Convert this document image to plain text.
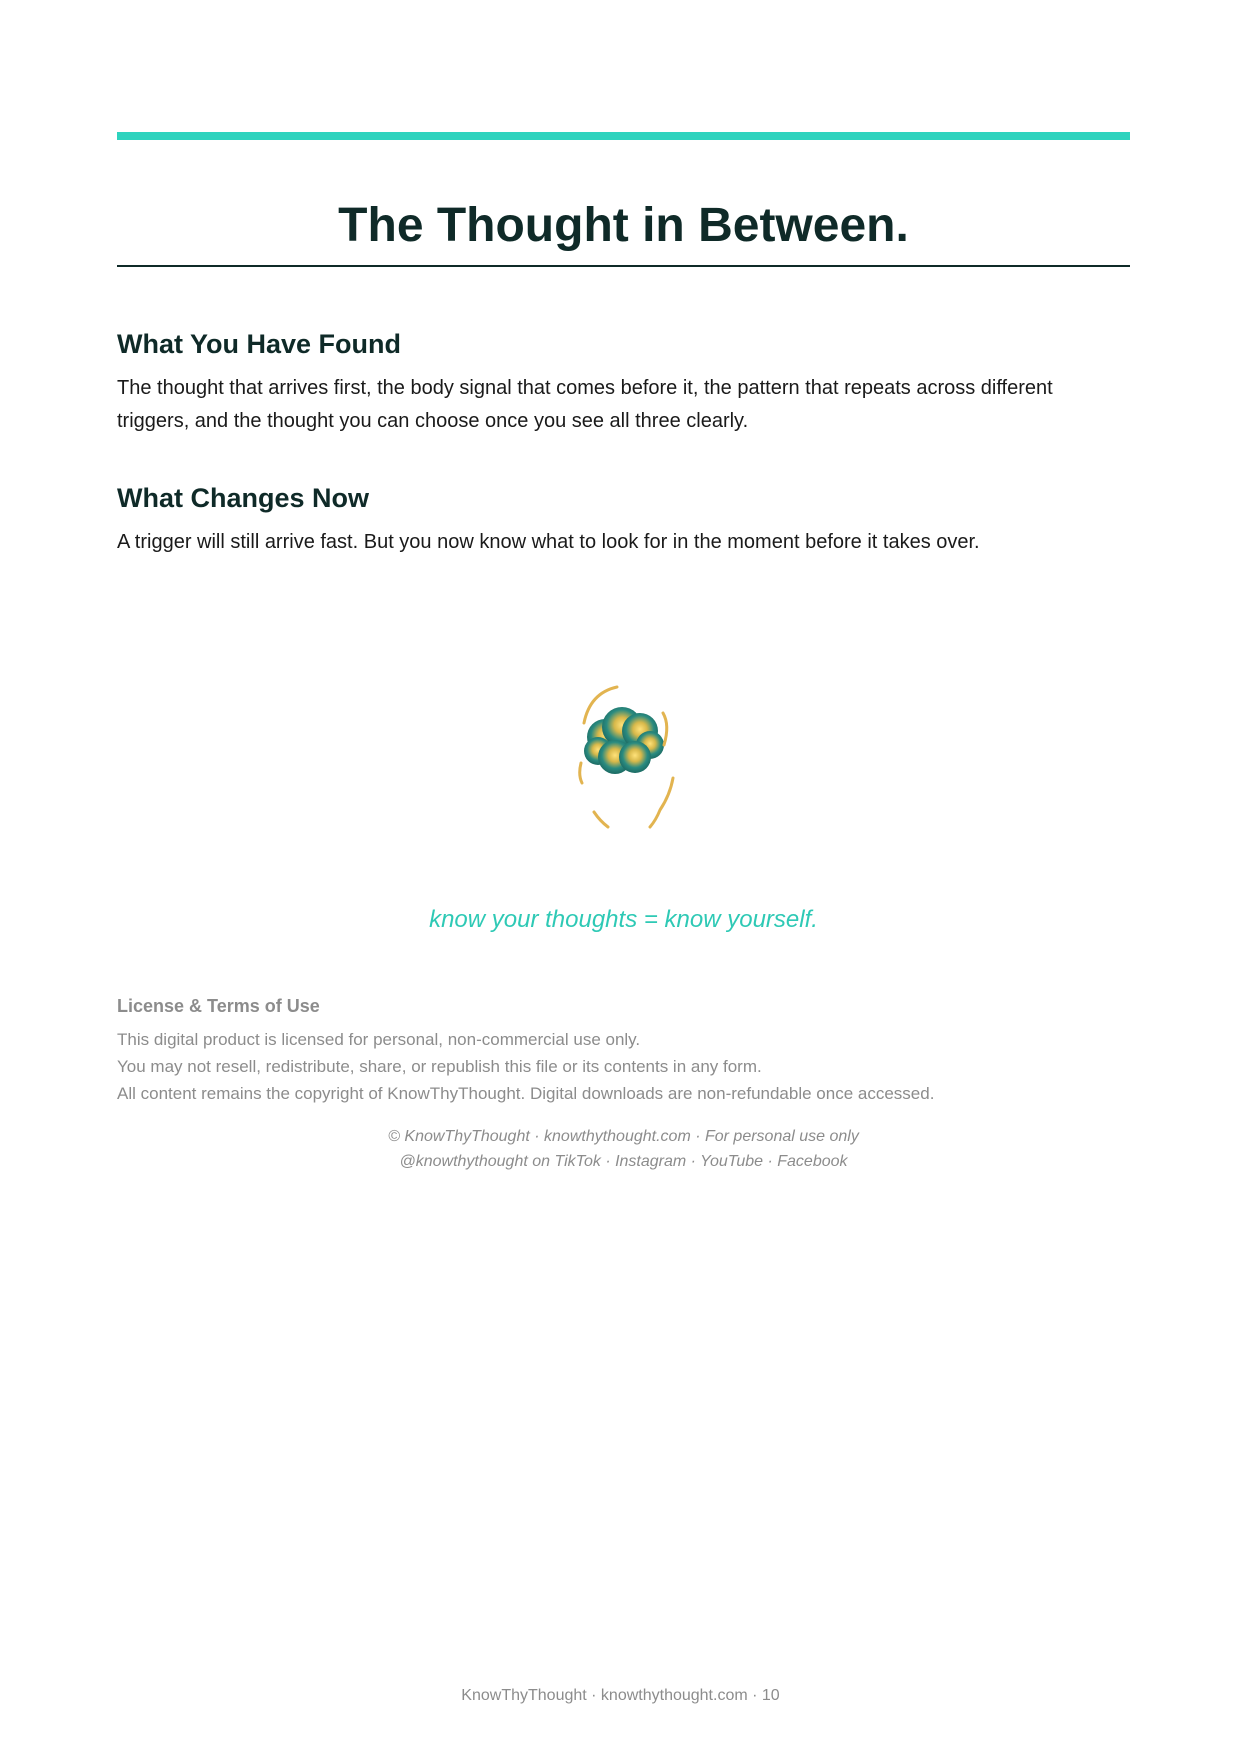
The Thought in Between.
What You Have Found

The thought that arrives first, the body signal that comes before it, the pattern that repeats across different triggers, and the thought you can choose once you see all three clearly.

What Changes Now

A trigger will still arrive fast. But you now know what to look for in the moment before it takes over.

know your thoughts = know yourself.
License & Terms of Use
This digital product is licensed for personal, non-commercial use only.
You may not resell, redistribute, share, or republish this file or its contents in any form.
All content remains the copyright of KnowThyThought. Digital downloads are non-refundable once accessed.
© KnowThyThought · knowthythought.com · For personal use only
@knowthythought on TikTok · Instagram · YouTube · Facebook
KnowThyThought · knowthythought.com · 10
